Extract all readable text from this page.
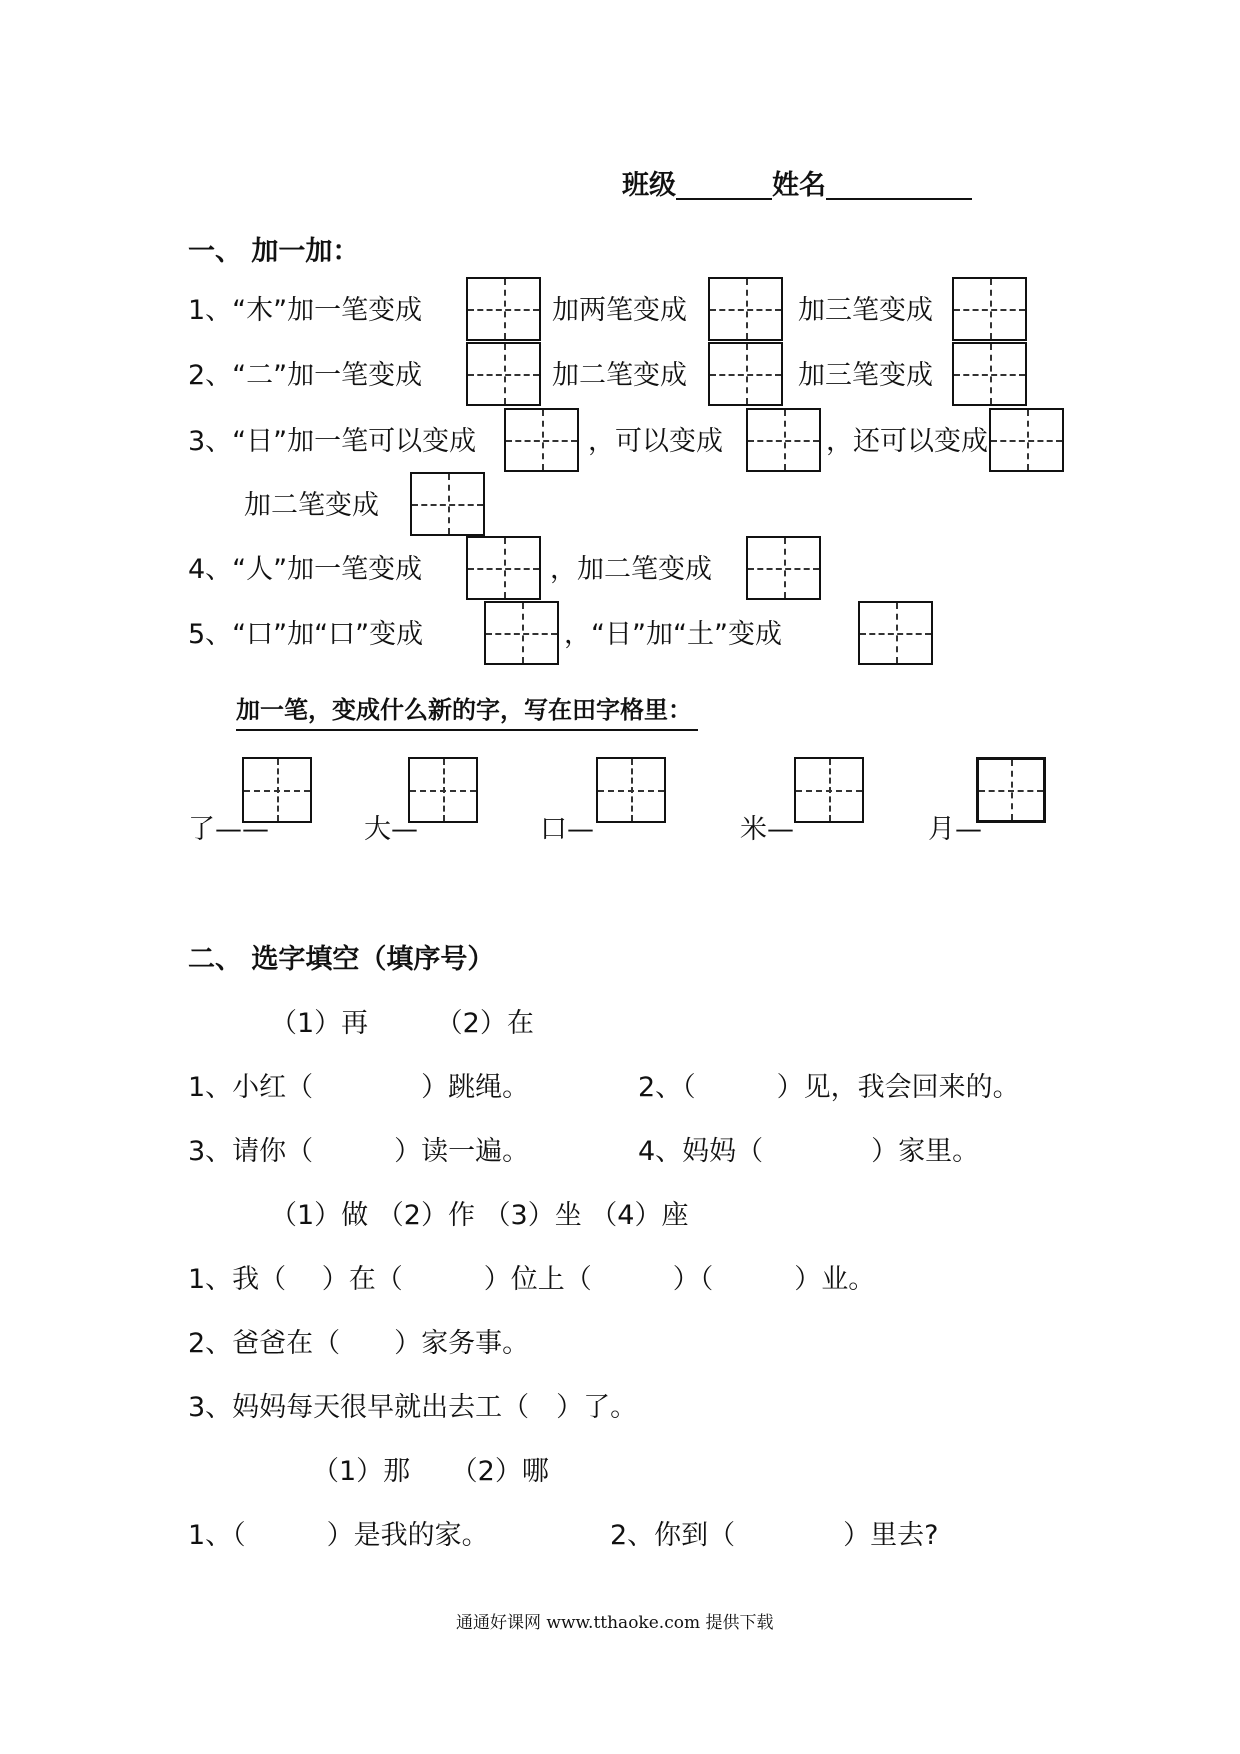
班级	姓名
一、 加一加：
1、“木”加一笔变成	加两笔变成	加三笔变成
2、“二”加一笔变成	加二笔变成	加三笔变成
3、“日”加一笔可以变成	，可以变成	，还可以变成
加二笔变成
4、“人”加一笔变成	，加二笔变成
5、“口”加“口”变成	，“日”加“土”变成
加一笔，变成什么新的字，写在田字格里：
了——	大—	口—	米—	月—
二、 选字填空（填序号）
（1）再　　　（2）在
1、小红（　　　　）跳绳。	2、（　　　）见，我会回来的。
3、请你（　　　）读一遍。	4、妈妈（　　　　）家里。
（1）做 （2）作 （3）坐 （4）座
1、我（　 ）在（　　　）位上（　　　）（　　　）业。
2、爸爸在（　　）家务事。
3、妈妈每天很早就出去工（　）了。
（1）那　　（2）哪
1、（　　　）是我的家。	2、你到（　　　　）里去?
通通好课网 www.tthaoke.com 提供下载
